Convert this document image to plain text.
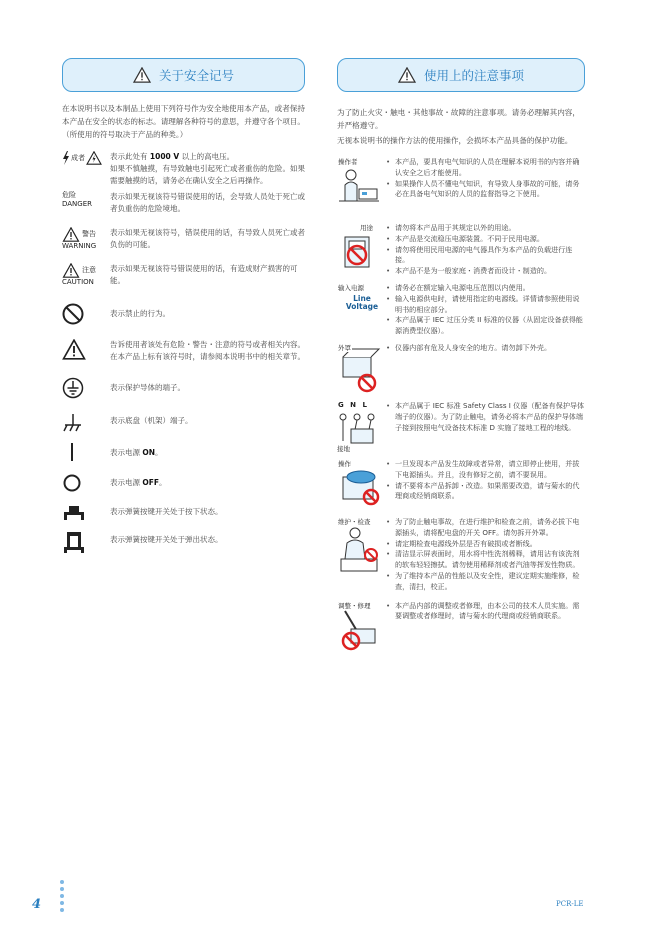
关于安全记号

在本说明书以及本制品上使用下列符号作为安全地使用本产品，或者保持本产品在安全的状态的标志。请理解各种符号的意思，并遵守各个项目。（所使用的符号取决于产品的种类。）

成者	表示此处有 1000 V 以上的高电压。

如果不慎触摸，有导致触电引起死亡或者重伤的危险。如果需要触摸的话，请务必在确认安全之后再操作。

危险
DANGER

表示如果无视该符号错误使用的话，会导致人员处于死亡或者负重伤的危险境地。

警告
WARNING

表示如果无视该符号，错误使用的话，有导致人员死亡或者负伤的可能。

注意
CAUTION

表示如果无视该符号错误使用的话，有造成财产损害的可能。

表示禁止的行为。

告诉使用者该处有危险・警告・注意的符号或者相关内容。在本产品上标有该符号时，请参阅本说明书中的相关章节。

表示保护导体的端子。

表示底盘（机架）端子。

表示电源 ON。

表示电源 OFF。

表示弹簧按键开关处于按下状态。

表示弹簧按键开关处于弹出状态。

使用上的注意事项

为了防止火灾・触电・其他事故・故障的注意事项。请务必理解其内容，并严格遵守。

无视本说明书的操作方法的使用操作，会损坏本产品具备的保护功能。

操作者	• 本产品，要具有电气知识的人员在理解本说明书的内容并确认安全之后才能使用。
• 如果操作人员不懂电气知识，有导致人身事故的可能，请务必在具备电气知识的人员的监督指导之下使用。
用途	• 请勿将本产品用于其规定以外的用途。
• 本产品是交流稳压电源装置。不同于民用电源。
• 请勿将使用民用电源的电气器具作为本产品的负载进行连接。
• 本产品不是为一般家庭・消费者而设计・制造的。
输入电源
Line Voltage
• 请务必在额定输入电源电压范围以内使用。
• 输入电源供电时，请使用指定的电源线。详情请参照使用说明书的相应部分。
• 本产品属于 IEC 过压分类 II 标准的仪器（从固定设备获得能源消费型仪器）。
外罩	• 仪器内部有危及人身安全的地方。请勿卸下外壳。
G N L
接地
• 本产品属于 IEC 标准 Safety Class I 仪器（配备有保护导体端子的仪器）。为了防止触电，请务必将本产品的保护导体端子接到按照电气设备技术标准 D 实施了接地工程的地线。
操作	• 一旦发现本产品发生故障或者异常，请立即停止使用，并拔下电源插头。并且，没有修好之前，请不要误用。
• 请不要将本产品拆卸・改造。如果需要改造，请与菊水的代理商或经销商联系。
维护・检查	• 为了防止触电事故，在进行维护和检查之前，请务必拔下电源插头，请将配电盘的开关 OFF。请勿拆开外罩。
• 请定期检查电源线外层是否有破损或者断线。
• 清洁显示屏表面时，用水将中性洗剂稀释，请用沾有该洗剂的软布轻轻擦拭。请勿使用稀释剂或者汽油等挥发性物质。
• 为了维持本产品的性能以及安全性，建议定期实施维修，检查，清扫，校正。
调整・修理	• 本产品内部的调整或者修理，由本公司的技术人员实施。需要调整或者修理时，请与菊水的代理商或经销商联系。
4	PCR-LE
